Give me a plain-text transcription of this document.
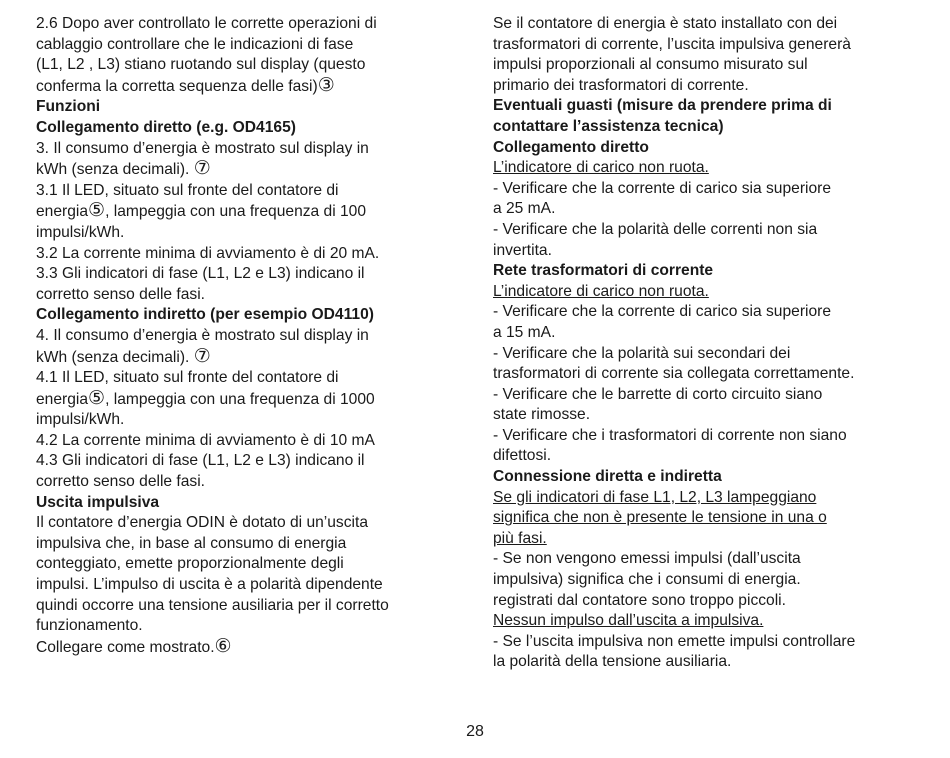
2.6 Dopo aver controllato le corrette operazioni di
cablaggio controllare che le indicazioni di fase
(L1, L2 , L3) stiano ruotando sul display (questo
conferma la corretta sequenza delle fasi)③
Funzioni
Collegamento diretto (e.g. OD4165)
3. Il consumo d’energia è mostrato sul display in
kWh (senza decimali). ⑦
3.1 Il LED, situato sul fronte del contatore di
energia⑤, lampeggia con una frequenza di 100
impulsi/kWh.
3.2 La corrente minima di avviamento è di 20 mA.
3.3 Gli indicatori di fase (L1, L2 e L3) indicano il
corretto senso delle fasi.
Collegamento indiretto (per esempio OD4110)
4. Il consumo d’energia è mostrato sul display in
kWh (senza decimali). ⑦
4.1 Il LED, situato sul fronte del contatore di
energia⑤, lampeggia con una frequenza di 1000
impulsi/kWh.
4.2 La corrente minima di avviamento è di 10 mA
4.3 Gli indicatori di fase (L1, L2 e L3) indicano il
corretto senso delle fasi.
Uscita impulsiva
Il contatore d’energia ODIN è dotato di un’uscita
impulsiva che, in base al consumo di energia
conteggiato, emette proporzionalmente degli
impulsi. L’impulso di uscita è a polarità dipendente
quindi occorre una tensione ausiliaria per il corretto
funzionamento.
Collegare come mostrato.⑥
Se il contatore di energia è stato installato con dei
trasformatori di corrente, l’uscita impulsiva genererà
impulsi proporzionali al consumo misurato sul
primario dei trasformatori di corrente.
Eventuali guasti (misure da prendere prima di
contattare l’assistenza tecnica)
Collegamento diretto
L’indicatore di carico non ruota.
- Verificare che la corrente di carico sia superiore
a 25 mA.
- Verificare che la polarità delle correnti non sia
invertita.
Rete trasformatori di corrente
L’indicatore di carico non ruota.
- Verificare che la corrente di carico sia superiore
a 15 mA.
- Verificare che la polarità sui secondari dei
trasformatori di corrente sia collegata correttamente.
- Verificare che le barrette di corto circuito siano
state rimosse.
- Verificare che i trasformatori di corrente non siano
difettosi.
Connessione diretta e indiretta
Se gli indicatori di fase L1, L2, L3 lampeggiano
significa che non è presente le tensione in una o
più fasi.
- Se non vengono emessi impulsi (dall’uscita
impulsiva) significa che i consumi di energia.
registrati dal contatore sono troppo piccoli.
Nessun impulso dall’uscita a impulsiva.
- Se l’uscita impulsiva non emette impulsi controllare
la polarità della tensione ausiliaria.
28
